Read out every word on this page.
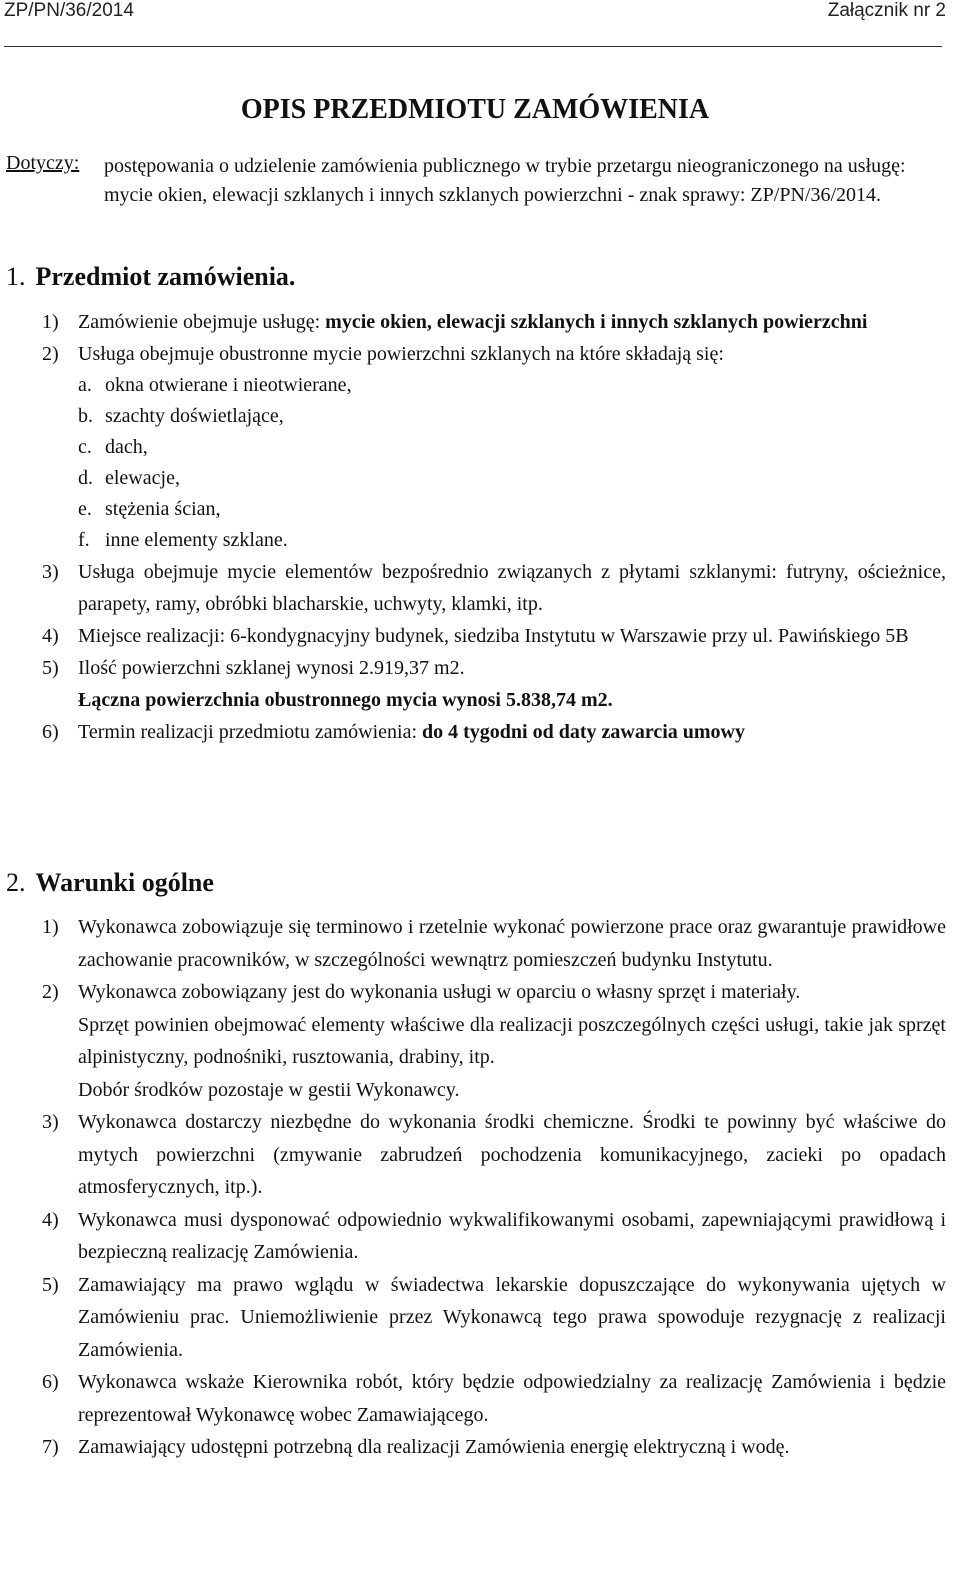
ZP/PN/36/2014	Załącznik nr 2
OPIS PRZEDMIOTU ZAMÓWIENIA
Dotyczy: postępowania o udzielenie zamówienia publicznego w trybie przetargu nieograniczonego na usługę: mycie okien, elewacji szklanych i innych szklanych powierzchni - znak sprawy: ZP/PN/36/2014.
1. Przedmiot zamówienia.
1) Zamówienie obejmuje usługę: mycie okien, elewacji szklanych i innych szklanych powierzchni
2) Usługa obejmuje obustronne mycie powierzchni szklanych na które składają się:
a. okna otwierane i nieotwierane,
b. szachty doświetlające,
c. dach,
d. elewacje,
e. stężenia ścian,
f. inne elementy szklane.
3) Usługa obejmuje mycie elementów bezpośrednio związanych z płytami szklanymi: futryny, ościeżnice, parapety, ramy, obróbki blacharskie, uchwyty, klamki, itp.
4) Miejsce realizacji: 6-kondygnacyjny budynek, siedziba Instytutu w Warszawie przy ul. Pawińskiego 5B
5) Ilość powierzchni szklanej wynosi 2.919,37 m2.
Łączna powierzchnia obustronnego mycia wynosi 5.838,74 m2.
6) Termin realizacji przedmiotu zamówienia: do 4 tygodni od daty zawarcia umowy
2. Warunki ogólne
1) Wykonawca zobowiązuje się terminowo i rzetelnie wykonać powierzone prace oraz gwarantuje prawidłowe zachowanie pracowników, w szczególności wewnątrz pomieszczeń budynku Instytutu.
2) Wykonawca zobowiązany jest do wykonania usługi w oparciu o własny sprzęt i materiały.
Sprzęt powinien obejmować elementy właściwe dla realizacji poszczególnych części usługi, takie jak sprzęt alpinistyczny, podnośniki, rusztowania, drabiny, itp.
Dobór środków pozostaje w gestii Wykonawcy.
3) Wykonawca dostarczy niezbędne do wykonania środki chemiczne. Środki te powinny być właściwe do mytych powierzchni (zmywanie zabrudzeń pochodzenia komunikacyjnego, zacieki po opadach atmosferycznych, itp.).
4) Wykonawca musi dysponować odpowiednio wykwalifikowanymi osobami, zapewniającymi prawidłową i bezpieczną realizację Zamówienia.
5) Zamawiający ma prawo wglądu w świadectwa lekarskie dopuszczające do wykonywania ujętych w Zamówieniu prac. Uniemożliwienie przez Wykonawcą tego prawa spowoduje rezygnację z realizacji Zamówienia.
6) Wykonawca wskaże Kierownika robót, który będzie odpowiedzialny za realizację Zamówienia i będzie reprezentował Wykonawcę wobec Zamawiającego.
7) Zamawiający udostępni potrzebną dla realizacji Zamówienia energię elektryczną i wodę.
